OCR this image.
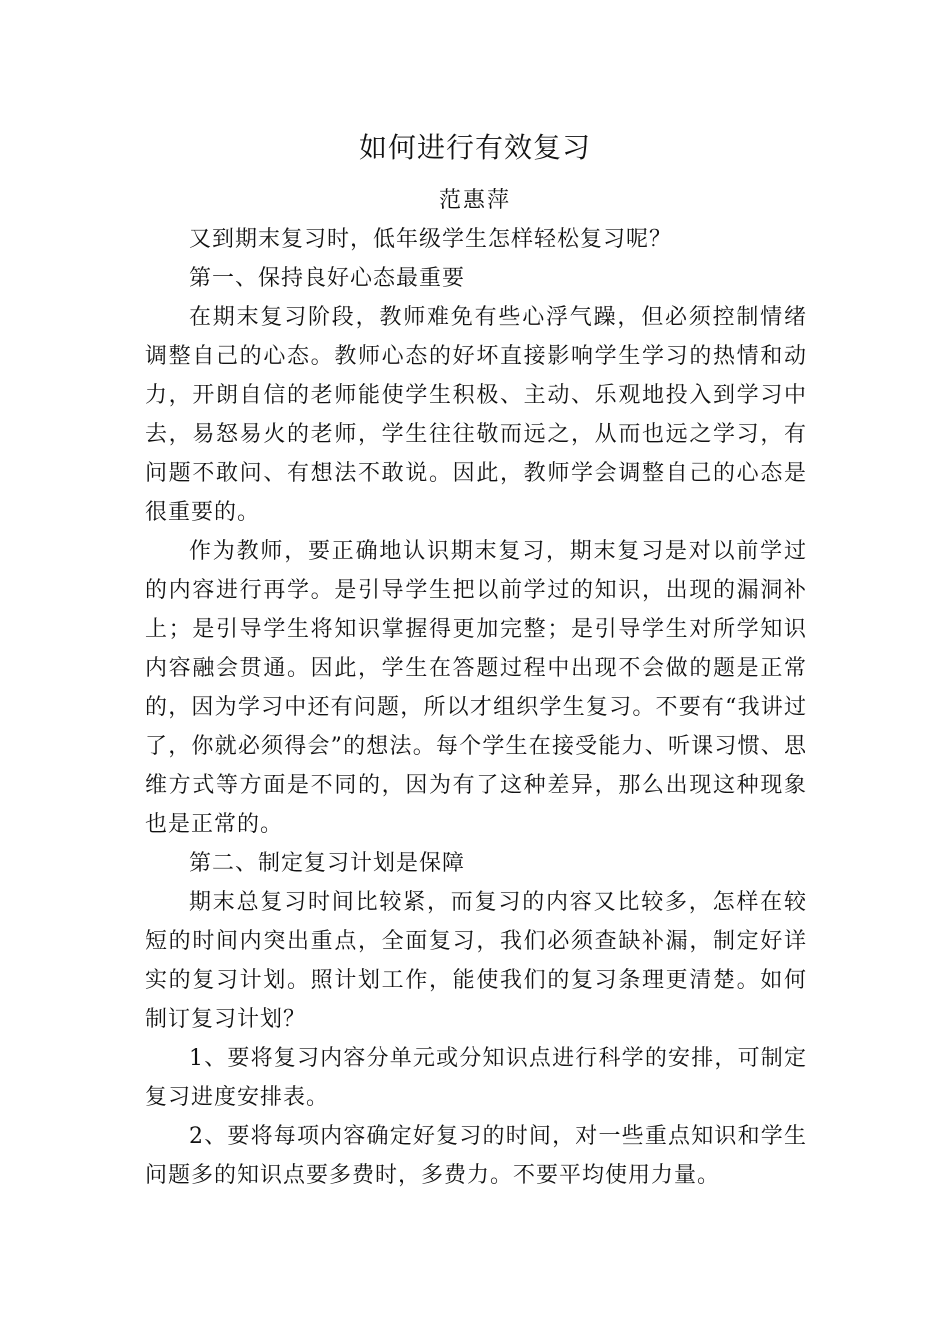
如何进行有效复习
范惠萍

又到期末复习时，低年级学生怎样轻松复习呢？

第一、保持良好心态最重要

在期末复习阶段，教师难免有些心浮气躁，但必须控制情绪调整自己的心态。教师心态的好坏直接影响学生学习的热情和动力，开朗自信的老师能使学生积极、主动、乐观地投入到学习中去，易怒易火的老师，学生往往敬而远之，从而也远之学习，有问题不敢问、有想法不敢说。因此，教师学会调整自己的心态是很重要的。

作为教师，要正确地认识期末复习，期末复习是对以前学过的内容进行再学。是引导学生把以前学过的知识，出现的漏洞补上；是引导学生将知识掌握得更加完整；是引导学生对所学知识内容融会贯通。因此，学生在答题过程中出现不会做的题是正常的，因为学习中还有问题，所以才组织学生复习。不要有“我讲过了，你就必须得会”的想法。每个学生在接受能力、听课习惯、思维方式等方面是不同的，因为有了这种差异，那么出现这种现象也是正常的。

第二、制定复习计划是保障

期末总复习时间比较紧，而复习的内容又比较多，怎样在较短的时间内突出重点，全面复习，我们必须查缺补漏，制定好详实的复习计划。照计划工作，能使我们的复习条理更清楚。如何制订复习计划？

1、要将复习内容分单元或分知识点进行科学的安排，可制定复习进度安排表。

2、要将每项内容确定好复习的时间，对一些重点知识和学生问题多的知识点要多费时，多费力。不要平均使用力量。
